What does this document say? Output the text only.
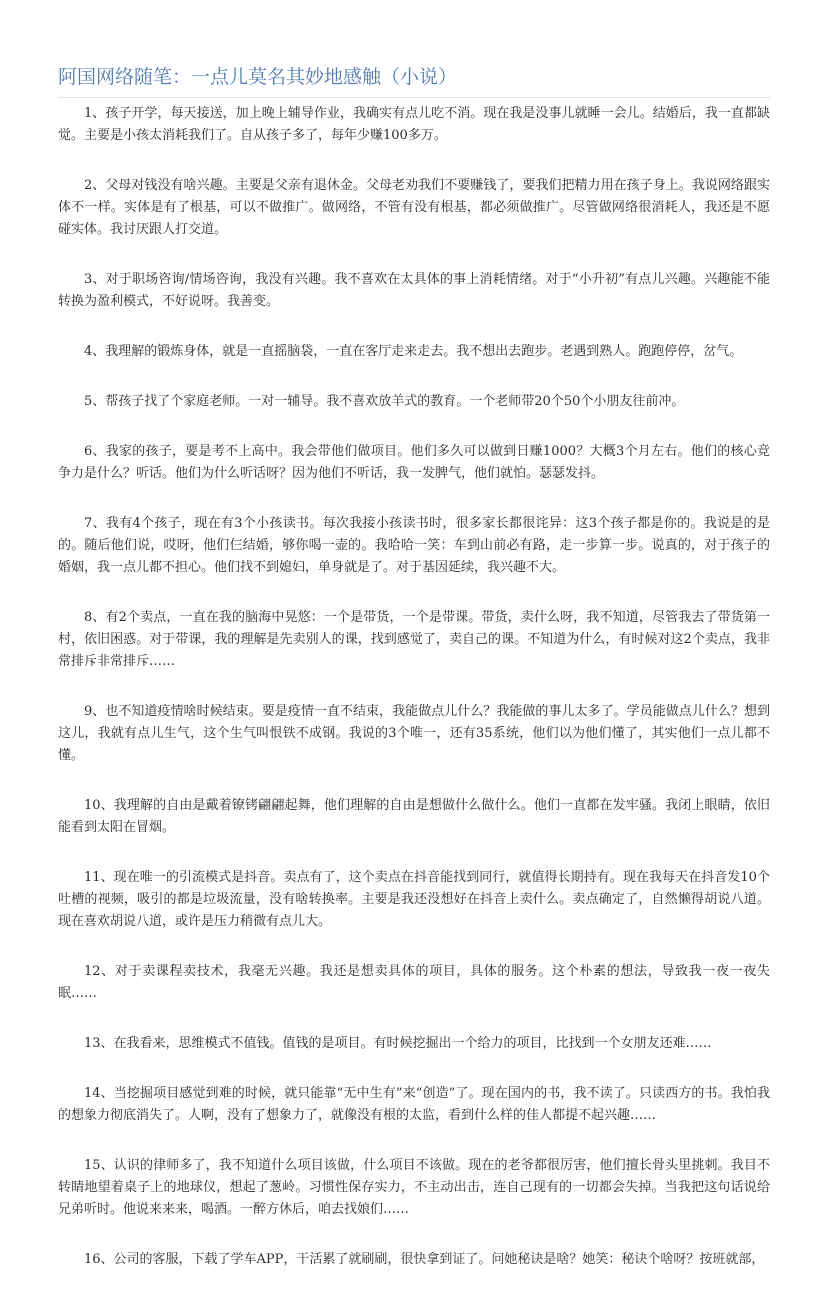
阿国网络随笔：一点儿莫名其妙地感触（小说）

1、孩子开学，每天接送，加上晚上辅导作业，我确实有点儿吃不消。现在我是没事儿就睡一会儿。结婚后，我一直都缺觉。主要是小孩太消耗我们了。自从孩子多了，每年少赚100多万。

2、父母对钱没有啥兴趣。主要是父亲有退休金。父母老劝我们不要赚钱了，要我们把精力用在孩子身上。我说网络跟实体不一样。实体是有了根基，可以不做推广。做网络，不管有没有根基，都必须做推广。尽管做网络很消耗人，我还是不愿碰实体。我讨厌跟人打交道。

3、对于职场咨询/情场咨询，我没有兴趣。我不喜欢在太具体的事上消耗情绪。对于“小升初”有点儿兴趣。兴趣能不能转换为盈利模式，不好说呀。我善变。

4、我理解的锻炼身体，就是一直摇脑袋，一直在客厅走来走去。我不想出去跑步。老遇到熟人。跑跑停停，岔气。

5、帮孩子找了个家庭老师。一对一辅导。我不喜欢放羊式的教育。一个老师带20个50个小朋友往前冲。

6、我家的孩子，要是考不上高中。我会带他们做项目。他们多久可以做到日赚1000？大概3个月左右。他们的核心竞争力是什么？听话。他们为什么听话呀？因为他们不听话，我一发脾气，他们就怕。瑟瑟发抖。

7、我有4个孩子，现在有3个小孩读书。每次我接小孩读书时，很多家长都很诧异：这3个孩子都是你的。我说是的是的。随后他们说，哎呀，他们仨结婚，够你喝一壶的。我哈哈一笑：车到山前必有路，走一步算一步。说真的，对于孩子的婚姻，我一点儿都不担心。他们找不到媳妇，单身就是了。对于基因延续，我兴趣不大。

8、有2个卖点，一直在我的脑海中晃悠：一个是带货，一个是带课。带货，卖什么呀，我不知道，尽管我去了带货第一村，依旧困惑。对于带课，我的理解是先卖别人的课，找到感觉了，卖自己的课。不知道为什么，有时候对这2个卖点，我非常排斥非常排斥……

9、也不知道疫情啥时候结束。要是疫情一直不结束，我能做点儿什么？我能做的事儿太多了。学员能做点儿什么？想到这儿，我就有点儿生气，这个生气叫恨铁不成钢。我说的3个唯一，还有35系统，他们以为他们懂了，其实他们一点儿都不懂。

10、我理解的自由是戴着镣铐翩翩起舞，他们理解的自由是想做什么做什么。他们一直都在发牢骚。我闭上眼睛，依旧能看到太阳在冒烟。

11、现在唯一的引流模式是抖音。卖点有了，这个卖点在抖音能找到同行，就值得长期持有。现在我每天在抖音发10个吐槽的视频，吸引的都是垃圾流量，没有啥转换率。主要是我还没想好在抖音上卖什么。卖点确定了，自然懒得胡说八道。现在喜欢胡说八道，或许是压力稍微有点儿大。

12、对于卖课程卖技术，我毫无兴趣。我还是想卖具体的项目，具体的服务。这个朴素的想法，导致我一夜一夜失眠……

13、在我看来，思维模式不值钱。值钱的是项目。有时候挖掘出一个给力的项目，比找到一个女朋友还难……

14、当挖掘项目感觉到难的时候，就只能靠“无中生有”来“创造”了。现在国内的书，我不读了。只读西方的书。我怕我的想象力彻底消失了。人啊，没有了想象力了，就像没有根的太监，看到什么样的佳人都提不起兴趣……

15、认识的律师多了，我不知道什么项目该做，什么项目不该做。现在的老爷都很厉害，他们擅长骨头里挑刺。我目不转睛地望着桌子上的地球仪，想起了葱岭。习惯性保存实力，不主动出击，连自己现有的一切都会失掉。当我把这句话说给兄弟听时。他说来来来，喝酒。一醉方休后，咱去找娘们……

16、公司的客服，下载了学车APP，干活累了就刷刷，很快拿到证了。问她秘诀是啥？她笑：秘诀个啥呀？按班就部，
